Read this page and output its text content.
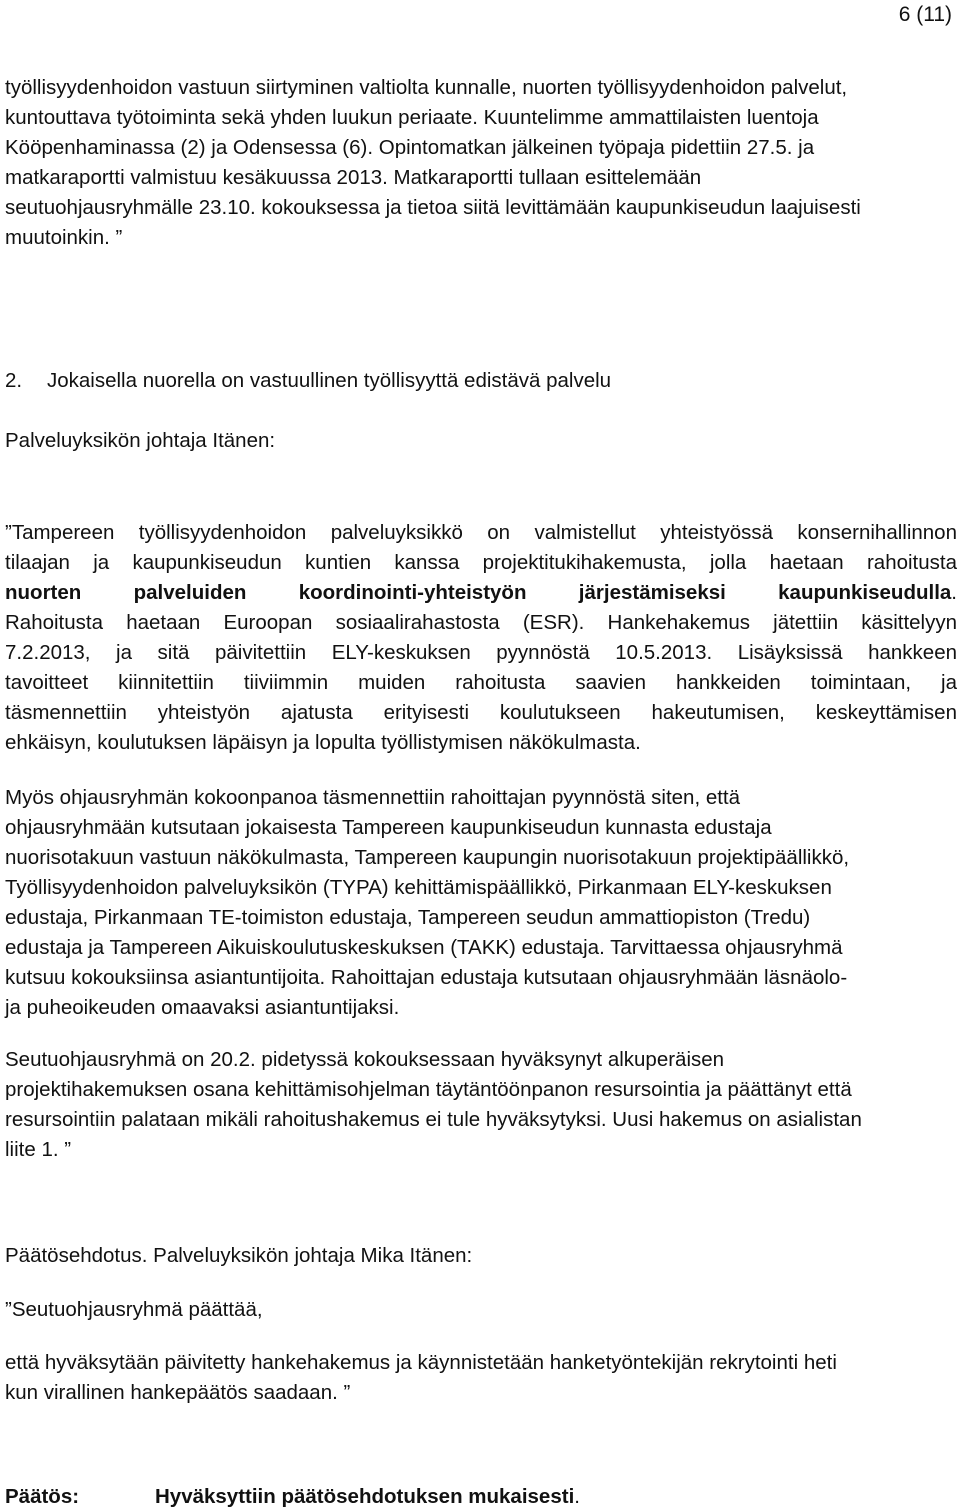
6 (11)
työllisyydenhoidon vastuun siirtyminen valtiolta kunnalle, nuorten työllisyydenhoidon palvelut,
kuntouttava työtoiminta sekä yhden luukun periaate. Kuuntelimme ammattilaisten luentoja
Kööpenhaminassa (2) ja Odensessa (6). Opintomatkan jälkeinen työpaja pidettiin 27.5. ja
matkaraportti valmistuu kesäkuussa 2013. Matkaraportti tullaan esittelemään
seutuohjausryhmälle 23.10. kokouksessa ja tietoa siitä levittämään kaupunkiseudun laajuisesti
muutoinkin. ”
2. Jokaisella nuorella on vastuullinen työllisyyttä edistävä palvelu
Palveluyksikön johtaja Itänen:
”Tampereen työllisyydenhoidon palveluyksikkö on valmistellut yhteistyössä konsernihallinnon
tilaajan ja kaupunkiseudun kuntien kanssa projektitukihakemusta, jolla haetaan rahoitusta
nuorten palveluiden koordinointi-yhteistyön järjestämiseksi kaupunkiseudulla.
Rahoitusta haetaan Euroopan sosiaalirahastosta (ESR). Hankehakemus jätettiin käsittelyyn
7.2.2013, ja sitä päivitettiin ELY-keskuksen pyynnöstä 10.5.2013. Lisäyksissä hankkeen
tavoitteet kiinnitettiin tiiviimmin muiden rahoitusta saavien hankkeiden toimintaan, ja
täsmennettiin yhteistyön ajatusta erityisesti koulutukseen hakeutumisen, keskeyttämisen
ehkäisyn, koulutuksen läpäisyn ja lopulta työllistymisen näkökulmasta.
Myös ohjausryhmän kokoonpanoa täsmennettiin rahoittajan pyynnöstä siten, että
ohjausryhmään kutsutaan jokaisesta Tampereen kaupunkiseudun kunnasta edustaja
nuorisotakuun vastuun näkökulmasta, Tampereen kaupungin nuorisotakuun projektipäällikkö,
Työllisyydenhoidon palveluyksikön (TYPA) kehittämispäällikkö, Pirkanmaan ELY-keskuksen
edustaja, Pirkanmaan TE-toimiston edustaja, Tampereen seudun ammattiopiston (Tredu)
edustaja ja Tampereen Aikuiskoulutuskeskuksen (TAKK) edustaja. Tarvittaessa ohjausryhmä
kutsuu kokouksiinsa asiantuntijoita. Rahoittajan edustaja kutsutaan ohjausryhmään läsnäolo-
ja puheoikeuden omaavaksi asiantuntijaksi.
Seutuohjausryhmä on 20.2. pidetyssä kokouksessaan hyväksynyt alkuperäisen
projektihakemuksen osana kehittämisohjelman täytäntöönpanon resursointia ja päättänyt että
resursointiin palataan mikäli rahoitushakemus ei tule hyväksytyksi. Uusi hakemus on asialistan
liite 1. ”
Päätösehdotus. Palveluyksikön johtaja Mika Itänen:
”Seutuohjausryhmä päättää,
että hyväksytään päivitetty hankehakemus ja käynnistetään hanketyöntekijän rekrytointi heti
kun virallinen hankepäätös saadaan. ”
Päätös:	Hyväksyttiin päätösehdotuksen mukaisesti.
